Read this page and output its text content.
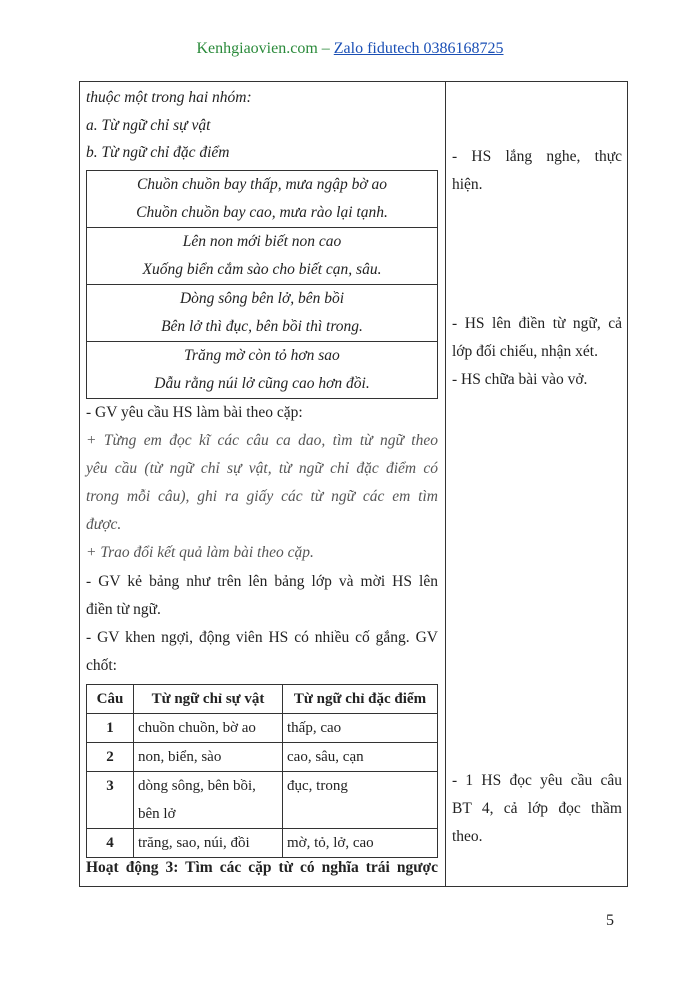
Kenhgiaovien.com – Zalo fidutech 0386168725
thuộc một trong hai nhóm:
a. Từ ngữ chỉ sự vật
b. Từ ngữ chỉ đặc điểm
Chuồn chuồn bay thấp, mưa ngập bờ ao
Chuồn chuồn bay cao, mưa rào lại tạnh.

Lên non mới biết non cao
Xuống biển cắm sào cho biết cạn, sâu.

Dòng sông bên lở, bên bồi
Bên lở thì đục, bên bồi thì trong.

Trăng mờ còn tỏ hơn sao
Dẫu rằng núi lở cũng cao hơn đồi.
- GV yêu cầu HS làm bài theo cặp:
+ Từng em đọc kĩ các câu ca dao, tìm từ ngữ theo
yêu cầu (từ ngữ chỉ sự vật, từ ngữ chỉ đặc điểm có
trong mỗi câu), ghi ra giấy các từ ngữ các em tìm
được.
+ Trao đổi kết quả làm bài theo cặp.
- GV kẻ bảng như trên lên bảng lớp và mời HS lên
điền từ ngữ.
- GV khen ngợi, động viên HS có nhiều cố gắng. GV
chốt:
Câu	Từ ngữ chỉ sự vật	Từ ngữ chỉ đặc điểm
1	chuồn chuồn, bờ ao	thấp, cao
2	non, biển, sào	cao, sâu, cạn
3	dòng sông, bên bồi, bên lở	đục, trong
4	trăng, sao, núi, đồi	mờ, tỏ, lở, cao
Hoạt động 3: Tìm các cặp từ có nghĩa trái ngược
- HS lắng nghe, thực
hiện.
- HS lên điền từ ngữ, cả
lớp đối chiếu, nhận xét.
- HS chữa bài vào vở.
- 1 HS đọc yêu cầu câu
BT 4, cả lớp đọc thầm
theo.
5
